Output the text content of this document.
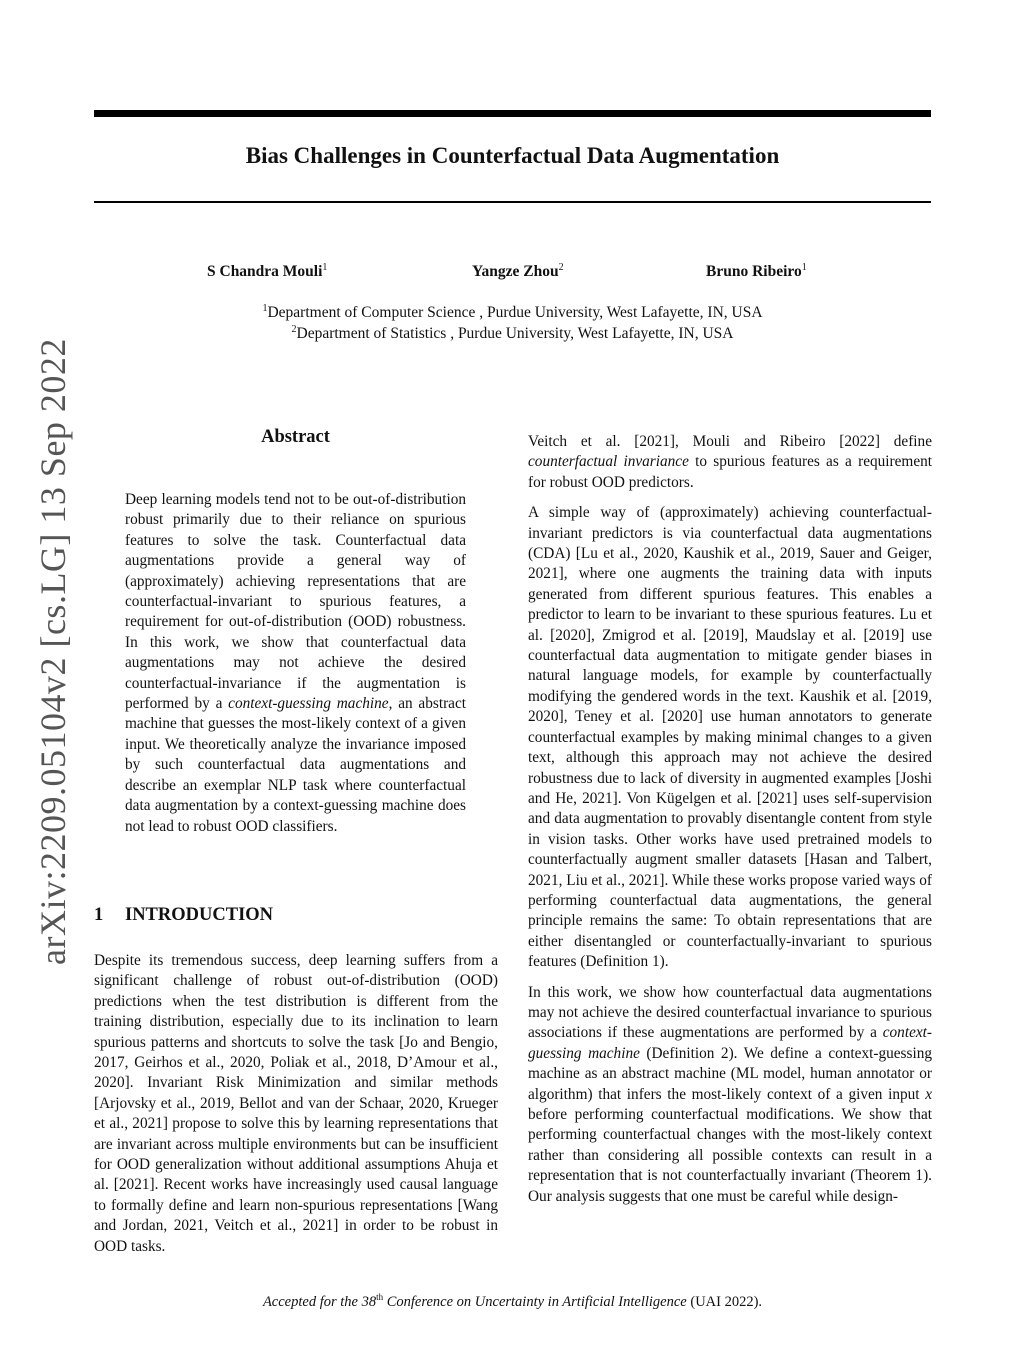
Bias Challenges in Counterfactual Data Augmentation
S Chandra Mouli$^1$	Yangze Zhou$^2$	Bruno Ribeiro$^1$
$^1$Department of Computer Science , Purdue University, West Lafayette, IN, USA
$^2$Department of Statistics , Purdue University, West Lafayette, IN, USA
arXiv:2209.05104v2 [cs.LG] 13 Sep 2022	Abstract

Deep learning models tend not to be out-of-distribution robust primarily due to their reliance on spurious features to solve the task. Counterfactual data augmentations provide a general way of (approximately) achieving representations that are counterfactual-invariant to spurious features, a requirement for out-of-distribution (OOD) robustness. In this work, we show that counterfactual data augmentations may not achieve the desired counterfactual-invariance if the augmentation is performed by a context-guessing machine, an abstract machine that guesses the most-likely context of a given input. We theoretically analyze the invariance imposed by such counterfactual data augmentations and describe an exemplar NLP task where counterfactual data augmentation by a context-guessing machine does not lead to robust OOD classifiers.

1 INTRODUCTION

Despite its tremendous success, deep learning suffers from a significant challenge of robust out-of-distribution (OOD) predictions when the test distribution is different from the training distribution, especially due to its inclination to learn spurious patterns and shortcuts to solve the task [Jo and Bengio, 2017, Geirhos et al., 2020, Poliak et al., 2018, D’Amour et al., 2020]. Invariant Risk Minimization and similar methods [Arjovsky et al., 2019, Bellot and van der Schaar, 2020, Krueger et al., 2021] propose to solve this by learning representations that are invariant across multiple environments but can be insufficient for OOD generalization without additional assumptions Ahuja et al. [2021]. Recent works have increasingly used causal language to formally define and learn non-spurious representations [Wang and Jordan, 2021, Veitch et al., 2021] in order to be robust in OOD tasks.

Veitch et al. [2021], Mouli and Ribeiro [2022] define counterfactual invariance to spurious features as a requirement for robust OOD predictors.

A simple way of (approximately) achieving counterfactual-invariant predictors is via counterfactual data augmentations (CDA) [Lu et al., 2020, Kaushik et al., 2019, Sauer and Geiger, 2021], where one augments the training data with inputs generated from different spurious features. This enables a predictor to learn to be invariant to these spurious features. Lu et al. [2020], Zmigrod et al. [2019], Maudslay et al. [2019] use counterfactual data augmentation to mitigate gender biases in natural language models, for example by counterfactually modifying the gendered words in the text. Kaushik et al. [2019, 2020], Teney et al. [2020] use human annotators to generate counterfactual examples by making minimal changes to a given text, although this approach may not achieve the desired robustness due to lack of diversity in augmented examples [Joshi and He, 2021]. Von Kügelgen et al. [2021] uses self-supervision and data augmentation to provably disentangle content from style in vision tasks. Other works have used pretrained models to counterfactually augment smaller datasets [Hasan and Talbert, 2021, Liu et al., 2021]. While these works propose varied ways of performing counterfactual data augmentations, the general principle remains the same: To obtain representations that are either disentangled or counterfactually-invariant to spurious features (Definition 1).

In this work, we show how counterfactual data augmentations may not achieve the desired counterfactual invariance to spurious associations if these augmentations are performed by a context-guessing machine (Definition 2). We define a context-guessing machine as an abstract machine (ML model, human annotator or algorithm) that infers the most-likely context of a given input x before performing counterfactual modifications. We show that performing counterfactual changes with the most-likely context rather than considering all possible contexts can result in a representation that is not counterfactually invariant (Theorem 1). Our analysis suggests that one must be careful while design-

Accepted for the 38th Conference on Uncertainty in Artificial Intelligence (UAI 2022).
